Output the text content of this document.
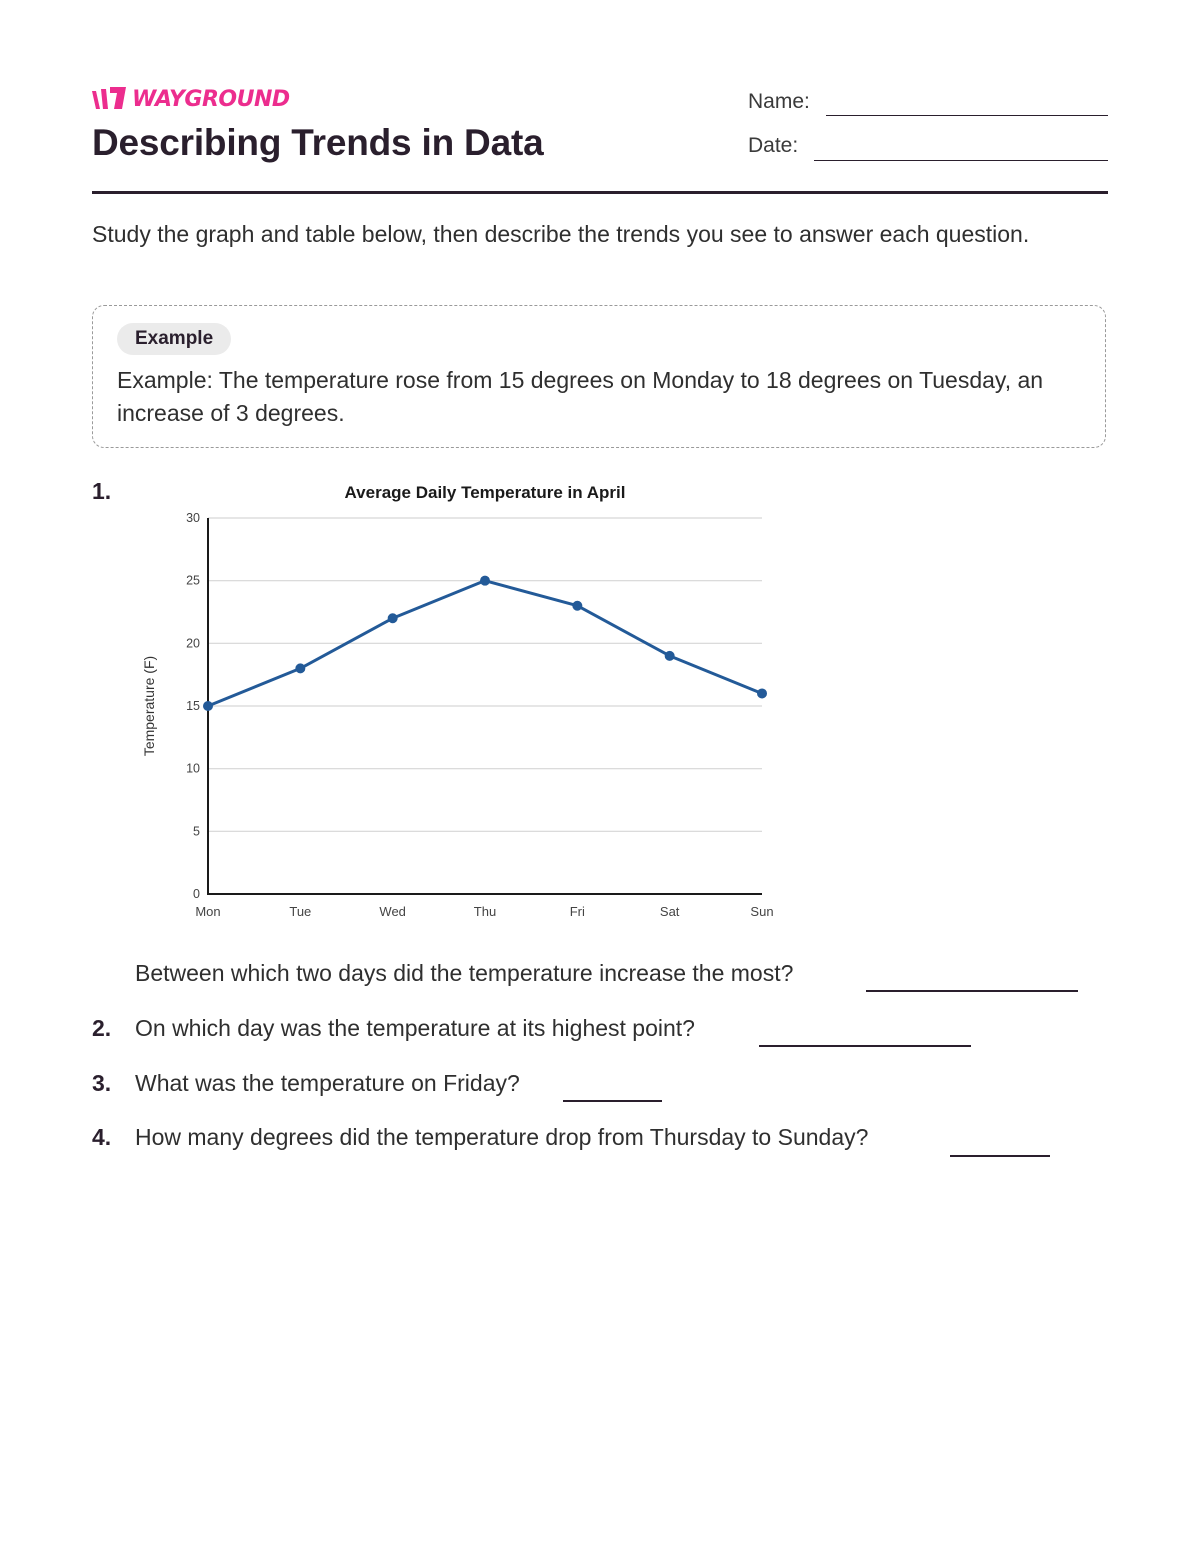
WAYGROUND
Describing Trends in Data
Name:
Date:

Study the graph and table below, then describe the trends you see to answer each question.

Example

Example: The temperature rose from 15 degrees on Monday to 18 degrees on Tuesday, an increase of 3 degrees.

1.	Average Daily Temperature in April
Temperature (F)
0
5
10
15
20
25
30
Mon	Tue	Wed	Thu	Fri	Sat	Sun
Between which two days did the temperature increase the most?
2. On which day was the temperature at its highest point?
3. What was the temperature on Friday?
4. How many degrees did the temperature drop from Thursday to Sunday?
